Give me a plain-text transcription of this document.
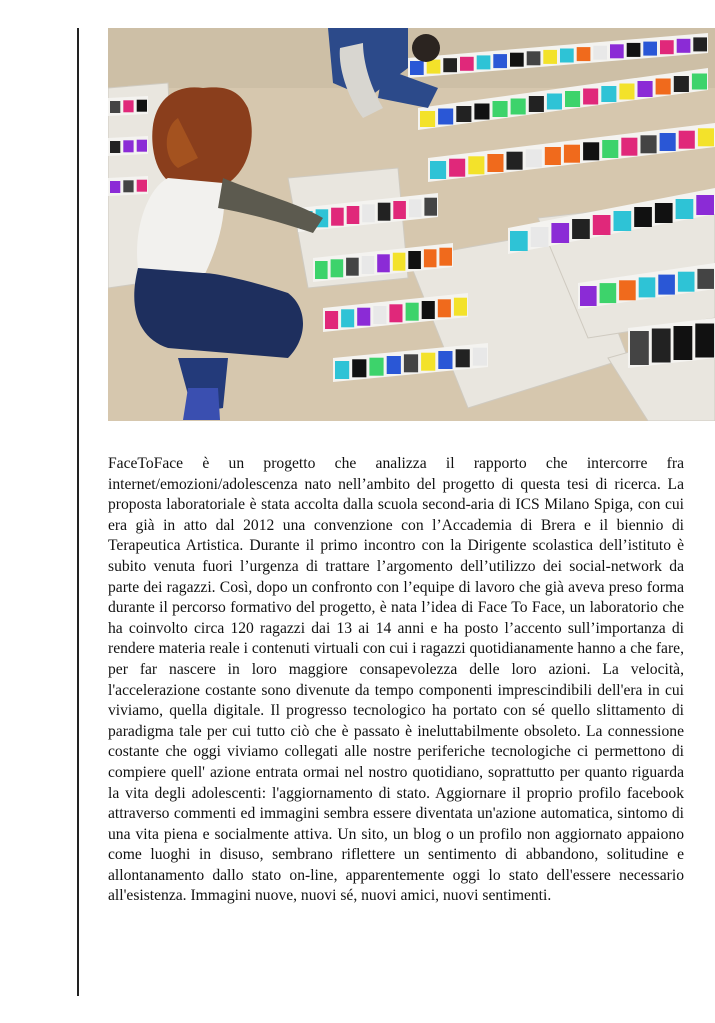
FaceToFace è un progetto che analizza il rapporto che intercorre fra internet/emozioni/adolescenza nato nell’ambito del progetto di questa tesi di ricerca. La proposta laboratoriale è stata accolta dalla scuola second-aria di ICS Milano Spiga, con cui era già in atto dal 2012 una convenzione con l’Accademia di Brera e il biennio di Terapeutica Artistica. Durante il primo incontro con la Dirigente scolastica dell’istituto è subito venuta fuori l’urgenza di trattare l’argomento dell’utilizzo dei social-network da parte dei ragazzi. Così, dopo un confronto con l’equipe di lavoro che già aveva preso forma durante il percorso formativo del progetto, è nata l’idea di Face To Face, un laboratorio che ha coinvolto circa 120 ragazzi dai 13 ai 14 anni e ha posto l’accento sull’importanza di rendere materia reale i contenuti virtuali con cui i ragazzi quotidianamente hanno a che fare, per far nascere in loro maggiore consapevolezza delle loro azioni. La velocità, l'accelerazione costante sono divenute da tempo componenti imprescindibili dell'era in cui viviamo, quella digitale. Il progresso tecnologico ha portato con sé quello slittamento di paradigma tale per cui tutto ciò che è passato è ineluttabilmente obsoleto. La connessione costante che oggi viviamo collegati alle nostre periferiche tecnologiche ci permettono di compiere quell' azione entrata ormai nel nostro quotidiano, soprattutto per quanto riguarda la vita degli adolescenti: l'aggiornamento di stato. Aggiornare il proprio profilo facebook attraverso commenti ed immagini sembra essere diventata un'azione automatica, sintomo di una vita piena e socialmente attiva. Un sito, un blog o un profilo non aggiornato appaiono come luoghi in disuso, sembrano riflettere un sentimento di abbandono, solitudine e allontanamento dallo stato on-line, apparentemente oggi lo stato dell'essere necessario all'esistenza. Immagini nuove, nuovi sé, nuovi amici, nuovi sentimenti.
